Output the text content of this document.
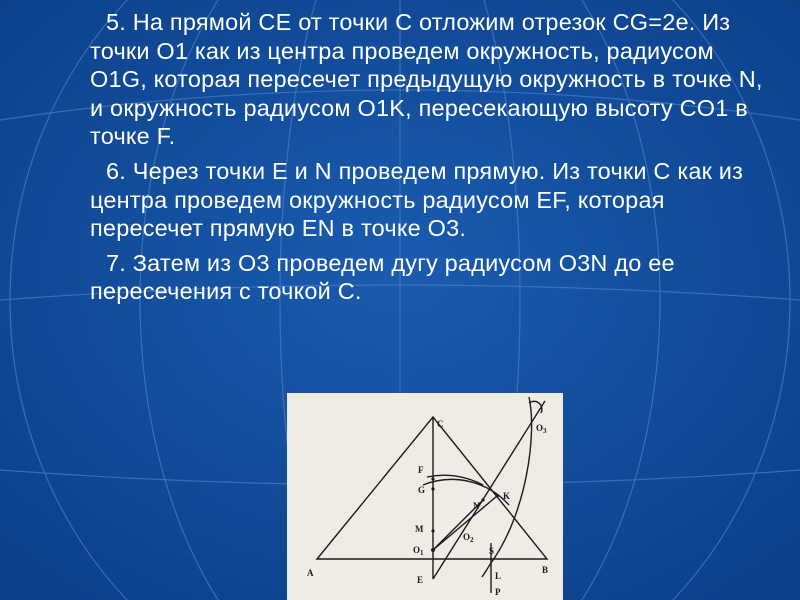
5. На прямой CE от точки C отложим отрезок CG=2e. Из точки O1 как из центра проведем окружность, радиусом O1G, которая пересечет предыдущую окружность в точке N, и окружность радиусом O1K, пересекающую высоту CO1 в точке F.

6. Через точки E и N проведем прямую. Из точки C как из центра проведем окружность радиусом EF, которая пересечет прямую EN в точке O3.

7. Затем из O3 проведем дугу радиусом O3N до ее пересечения с точкой C.

C
F
G
N
K
M
$O_2$
$O_1$	S
A	B
E	L
P
$O_3$
